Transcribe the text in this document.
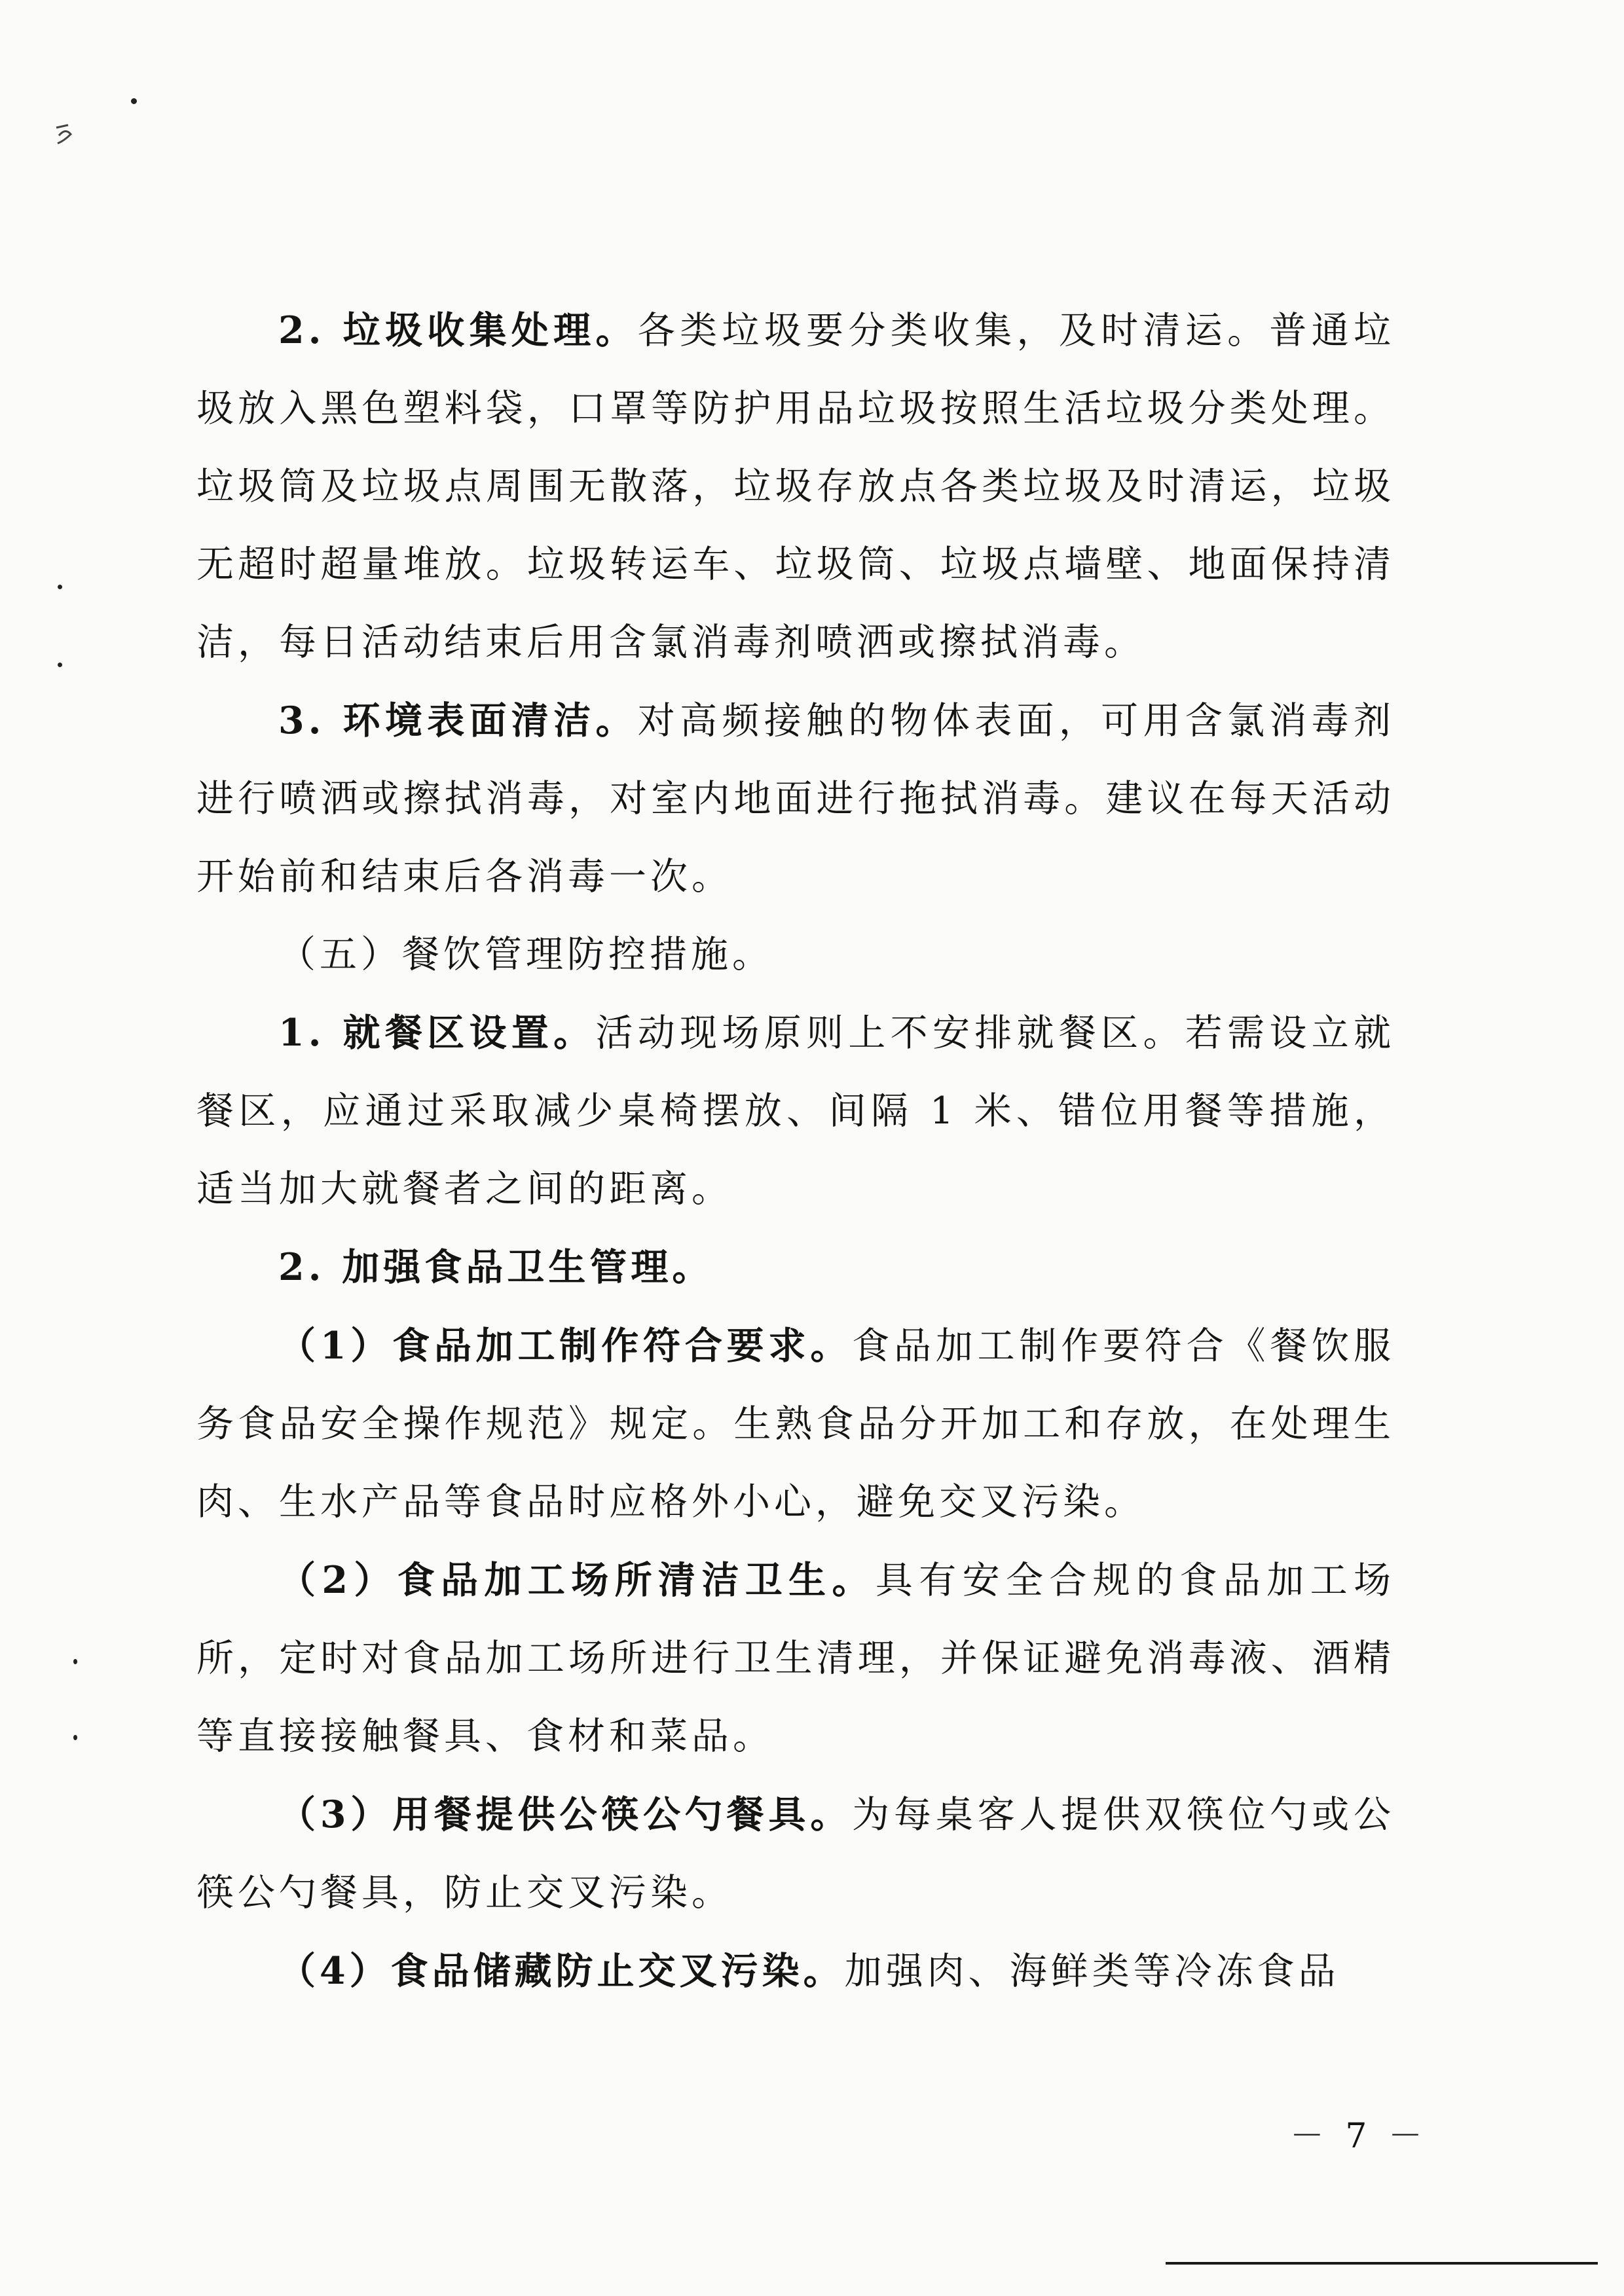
2. 垃圾收集处理。各类垃圾要分类收集，及时清运。普通垃圾放入黑色塑料袋，口罩等防护用品垃圾按照生活垃圾分类处理。垃圾筒及垃圾点周围无散落，垃圾存放点各类垃圾及时清运，垃圾无超时超量堆放。垃圾转运车、垃圾筒、垃圾点墙壁、地面保持清洁，每日活动结束后用含氯消毒剂喷洒或擦拭消毒。

3. 环境表面清洁。对高频接触的物体表面，可用含氯消毒剂进行喷洒或擦拭消毒，对室内地面进行拖拭消毒。建议在每天活动开始前和结束后各消毒一次。

（五）餐饮管理防控措施。

1. 就餐区设置。活动现场原则上不安排就餐区。若需设立就餐区，应通过采取减少桌椅摆放、间隔 1 米、错位用餐等措施，适当加大就餐者之间的距离。

2. 加强食品卫生管理。

（1）食品加工制作符合要求。食品加工制作要符合《餐饮服务食品安全操作规范》规定。生熟食品分开加工和存放，在处理生肉、生水产品等食品时应格外小心，避免交叉污染。

（2）食品加工场所清洁卫生。具有安全合规的食品加工场所，定时对食品加工场所进行卫生清理，并保证避免消毒液、酒精等直接接触餐具、食材和菜品。

（3）用餐提供公筷公勺餐具。为每桌客人提供双筷位勺或公筷公勺餐具，防止交叉污染。

（4）食品储藏防止交叉污染。加强肉、海鲜类等冷冻食品

－ 7 －
